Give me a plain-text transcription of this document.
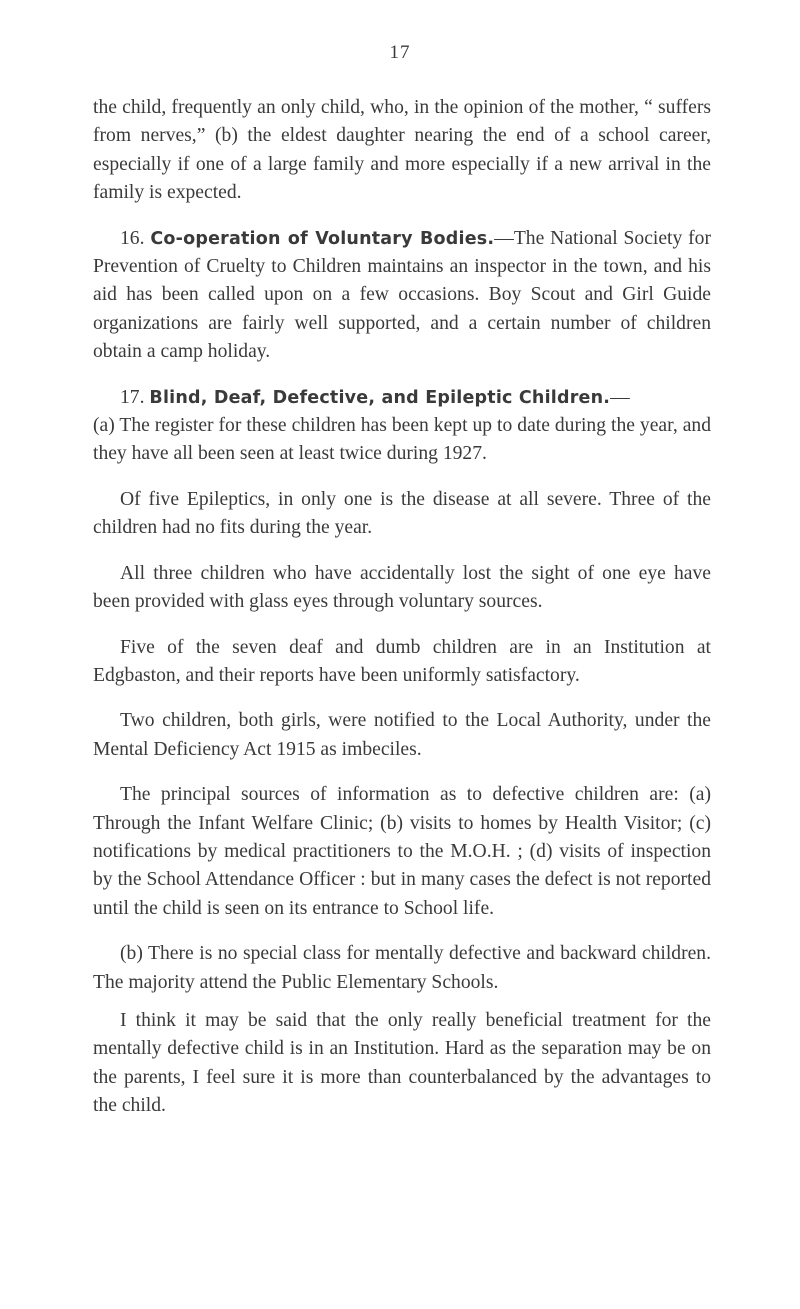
17

the child, frequently an only child, who, in the opinion of the mother, “ suffers from nerves,” (b) the eldest daughter nearing the end of a school career, especially if one of a large family and more especially if a new arrival in the family is expected.

16. Co-operation of Voluntary Bodies.—The National Society for Prevention of Cruelty to Children maintains an inspector in the town, and his aid has been called upon on a few occasions. Boy Scout and Girl Guide organizations are fairly well supported, and a certain number of children obtain a camp holiday.

17. Blind, Deaf, Defective, and Epileptic Children.—

(a) The register for these children has been kept up to date during the year, and they have all been seen at least twice during 1927.

Of five Epileptics, in only one is the disease at all severe. Three of the children had no fits during the year.

All three children who have accidentally lost the sight of one eye have been provided with glass eyes through voluntary sources.

Five of the seven deaf and dumb children are in an Institution at Edgbaston, and their reports have been uniformly satisfactory.

Two children, both girls, were notified to the Local Authority, under the Mental Deficiency Act 1915 as imbeciles.

The principal sources of information as to defective children are: (a) Through the Infant Welfare Clinic; (b) visits to homes by Health Visitor; (c) notifications by medical practitioners to the M.O.H. ; (d) visits of inspection by the School Attendance Officer : but in many cases the defect is not reported until the child is seen on its entrance to School life.

(b) There is no special class for mentally defective and backward children. The majority attend the Public Elementary Schools.

I think it may be said that the only really beneficial treatment for the mentally defective child is in an Institution. Hard as the separation may be on the parents, I feel sure it is more than counterbalanced by the advantages to the child.
